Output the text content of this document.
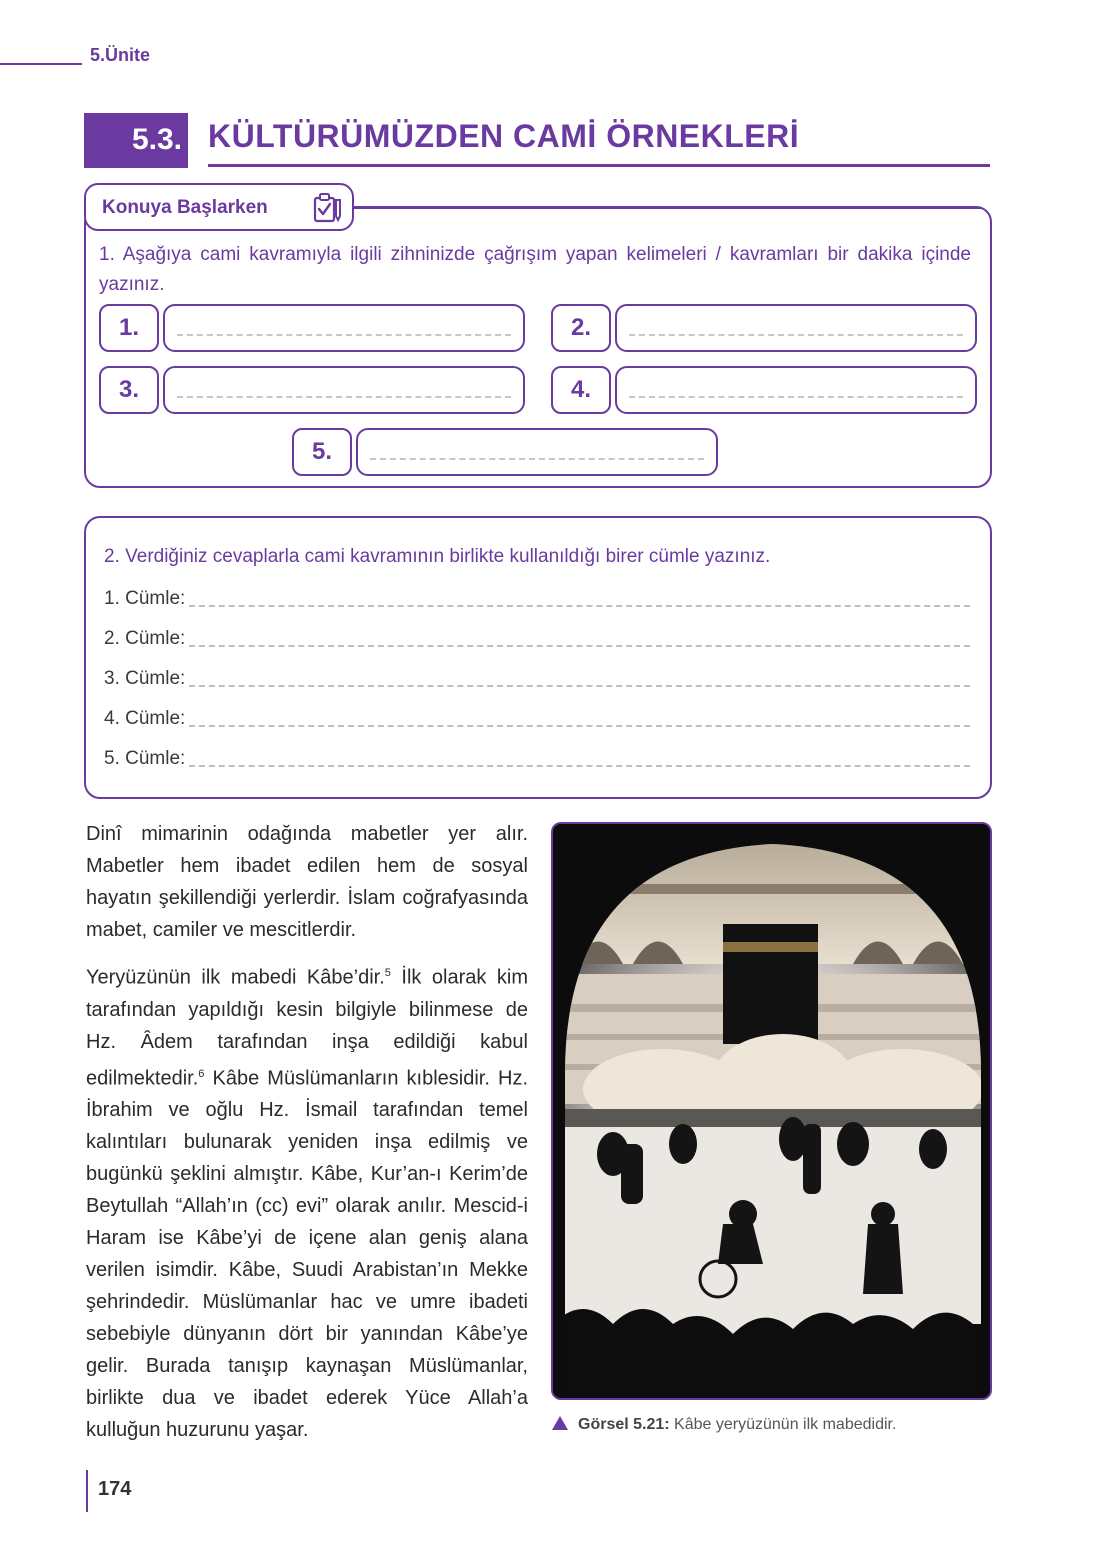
5.Ünite
5.3. KÜLTÜRÜMÜZDEN CAMİ ÖRNEKLERİ
Konuya Başlarken
1. Aşağıya cami kavramıyla ilgili zihninizde çağrışım yapan kelimeleri / kavramları bir dakika içinde yazınız.
1.	2.
3.	4.
5.
2. Verdiğiniz cevaplarla cami kavramının birlikte kullanıldığı birer cümle yazınız.
1. Cümle:
2. Cümle:
3. Cümle:
4. Cümle:
5. Cümle:

Dinî mimarinin odağında mabetler yer alır. Mabetler hem ibadet edilen hem de sosyal hayatın şekillendiği yerlerdir. İslam coğrafyasında mabet, camiler ve mescitlerdir.

Yeryüzünün ilk mabedi Kâbe’dir.$^5$ İlk olarak kim tarafından yapıldığı kesin bilgiyle bilinmese de Hz. Âdem tarafından inşa edildiği kabul edilmektedir.$^6$ Kâbe Müslümanların kıblesidir. Hz. İbrahim ve oğlu Hz. İsmail tarafından temel kalıntıları bulunarak yeniden inşa edilmiş ve bugünkü şeklini almıştır. Kâbe, Kur’an-ı Kerim’de Beytullah “Allah’ın (cc) evi” olarak anılır. Mescid-i Haram ise Kâbe’yi de içene alan geniş alana verilen isimdir. Kâbe, Suudi Arabistan’ın Mekke şehrindedir. Müslümanlar hac ve umre ibadeti sebebiyle dünyanın dört bir yanından Kâbe’ye gelir. Burada tanışıp kaynaşan Müslümanlar, birlikte dua ve ibadet ederek Yüce Allah’a kulluğun huzurunu yaşar.	Görsel 5.21: Kâbe yeryüzünün ilk mabedidir.
174
